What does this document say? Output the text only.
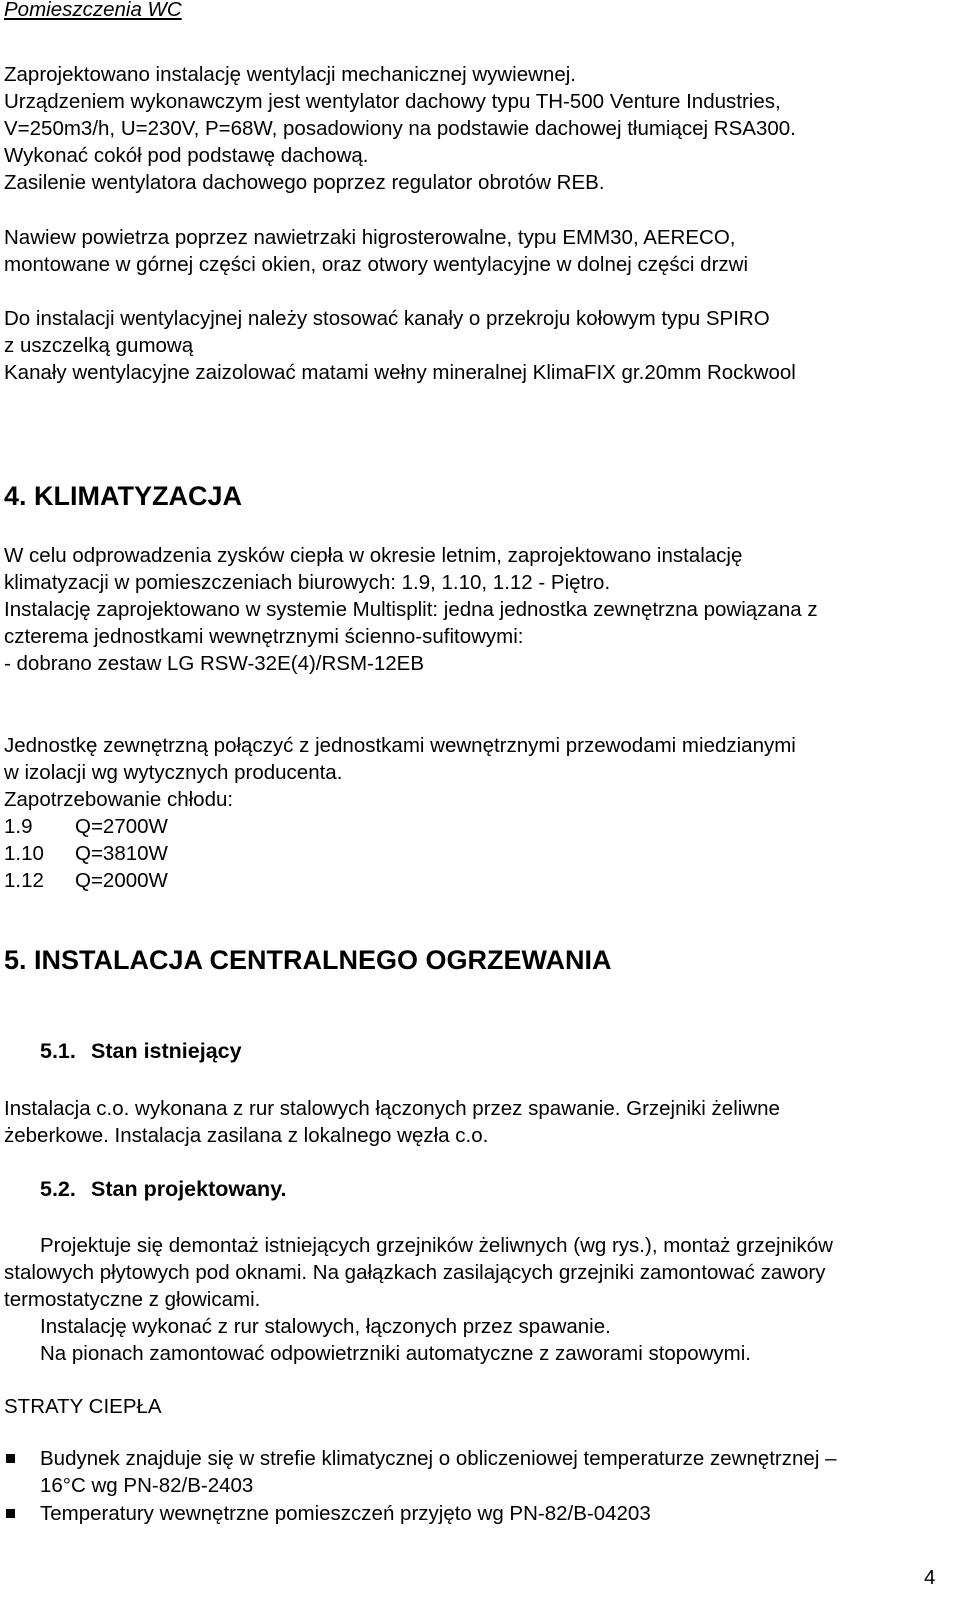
Pomieszczenia WC
Zaprojektowano instalację wentylacji mechanicznej wywiewnej.
Urządzeniem wykonawczym jest wentylator dachowy typu TH-500 Venture Industries,
V=250m3/h, U=230V, P=68W, posadowiony na podstawie dachowej tłumiącej RSA300.
Wykonać cokół pod podstawę dachową.
Zasilenie wentylatora dachowego poprzez regulator obrotów REB.
Nawiew powietrza poprzez nawietrzaki higrosterowalne, typu EMM30, AERECO,
montowane w górnej części okien, oraz otwory wentylacyjne w dolnej części drzwi
Do instalacji wentylacyjnej należy stosować kanały o przekroju kołowym typu SPIRO
z uszczelką gumową
Kanały wentylacyjne zaizolować matami wełny mineralnej KlimaFIX gr.20mm Rockwool
4. KLIMATYZACJA
W celu odprowadzenia zysków ciepła w okresie letnim, zaprojektowano instalację
klimatyzacji w pomieszczeniach biurowych: 1.9, 1.10, 1.12 - Piętro.
Instalację zaprojektowano w systemie Multisplit: jedna jednostka zewnętrzna powiązana z
czterema jednostkami wewnętrznymi ścienno-sufitowymi:
- dobrano zestaw LG RSW-32E(4)/RSM-12EB
Jednostkę zewnętrzną połączyć z jednostkami wewnętrznymi przewodami miedzianymi
w izolacji wg wytycznych producenta.
Zapotrzebowanie chłodu:
1.9 Q=2700W
1.10 Q=3810W
1.12 Q=2000W
5. INSTALACJA CENTRALNEGO OGRZEWANIA
5.1. Stan istniejący
Instalacja c.o. wykonana z rur stalowych łączonych przez spawanie. Grzejniki żeliwne
żeberkowe. Instalacja zasilana z lokalnego węzła c.o.
5.2. Stan projektowany.
Projektuje się demontaż istniejących grzejników żeliwnych (wg rys.), montaż grzejników
stalowych płytowych pod oknami. Na gałązkach zasilających grzejniki zamontować zawory
termostatyczne z głowicami.
Instalację wykonać z rur stalowych, łączonych przez spawanie.
Na pionach zamontować odpowietrzniki automatyczne z zaworami stopowymi.
STRATY CIEPŁA
Budynek znajduje się w strefie klimatycznej o obliczeniowej temperaturze zewnętrznej –
16°C wg PN-82/B-2403
Temperatury wewnętrzne pomieszczeń przyjęto wg PN-82/B-04203
4
